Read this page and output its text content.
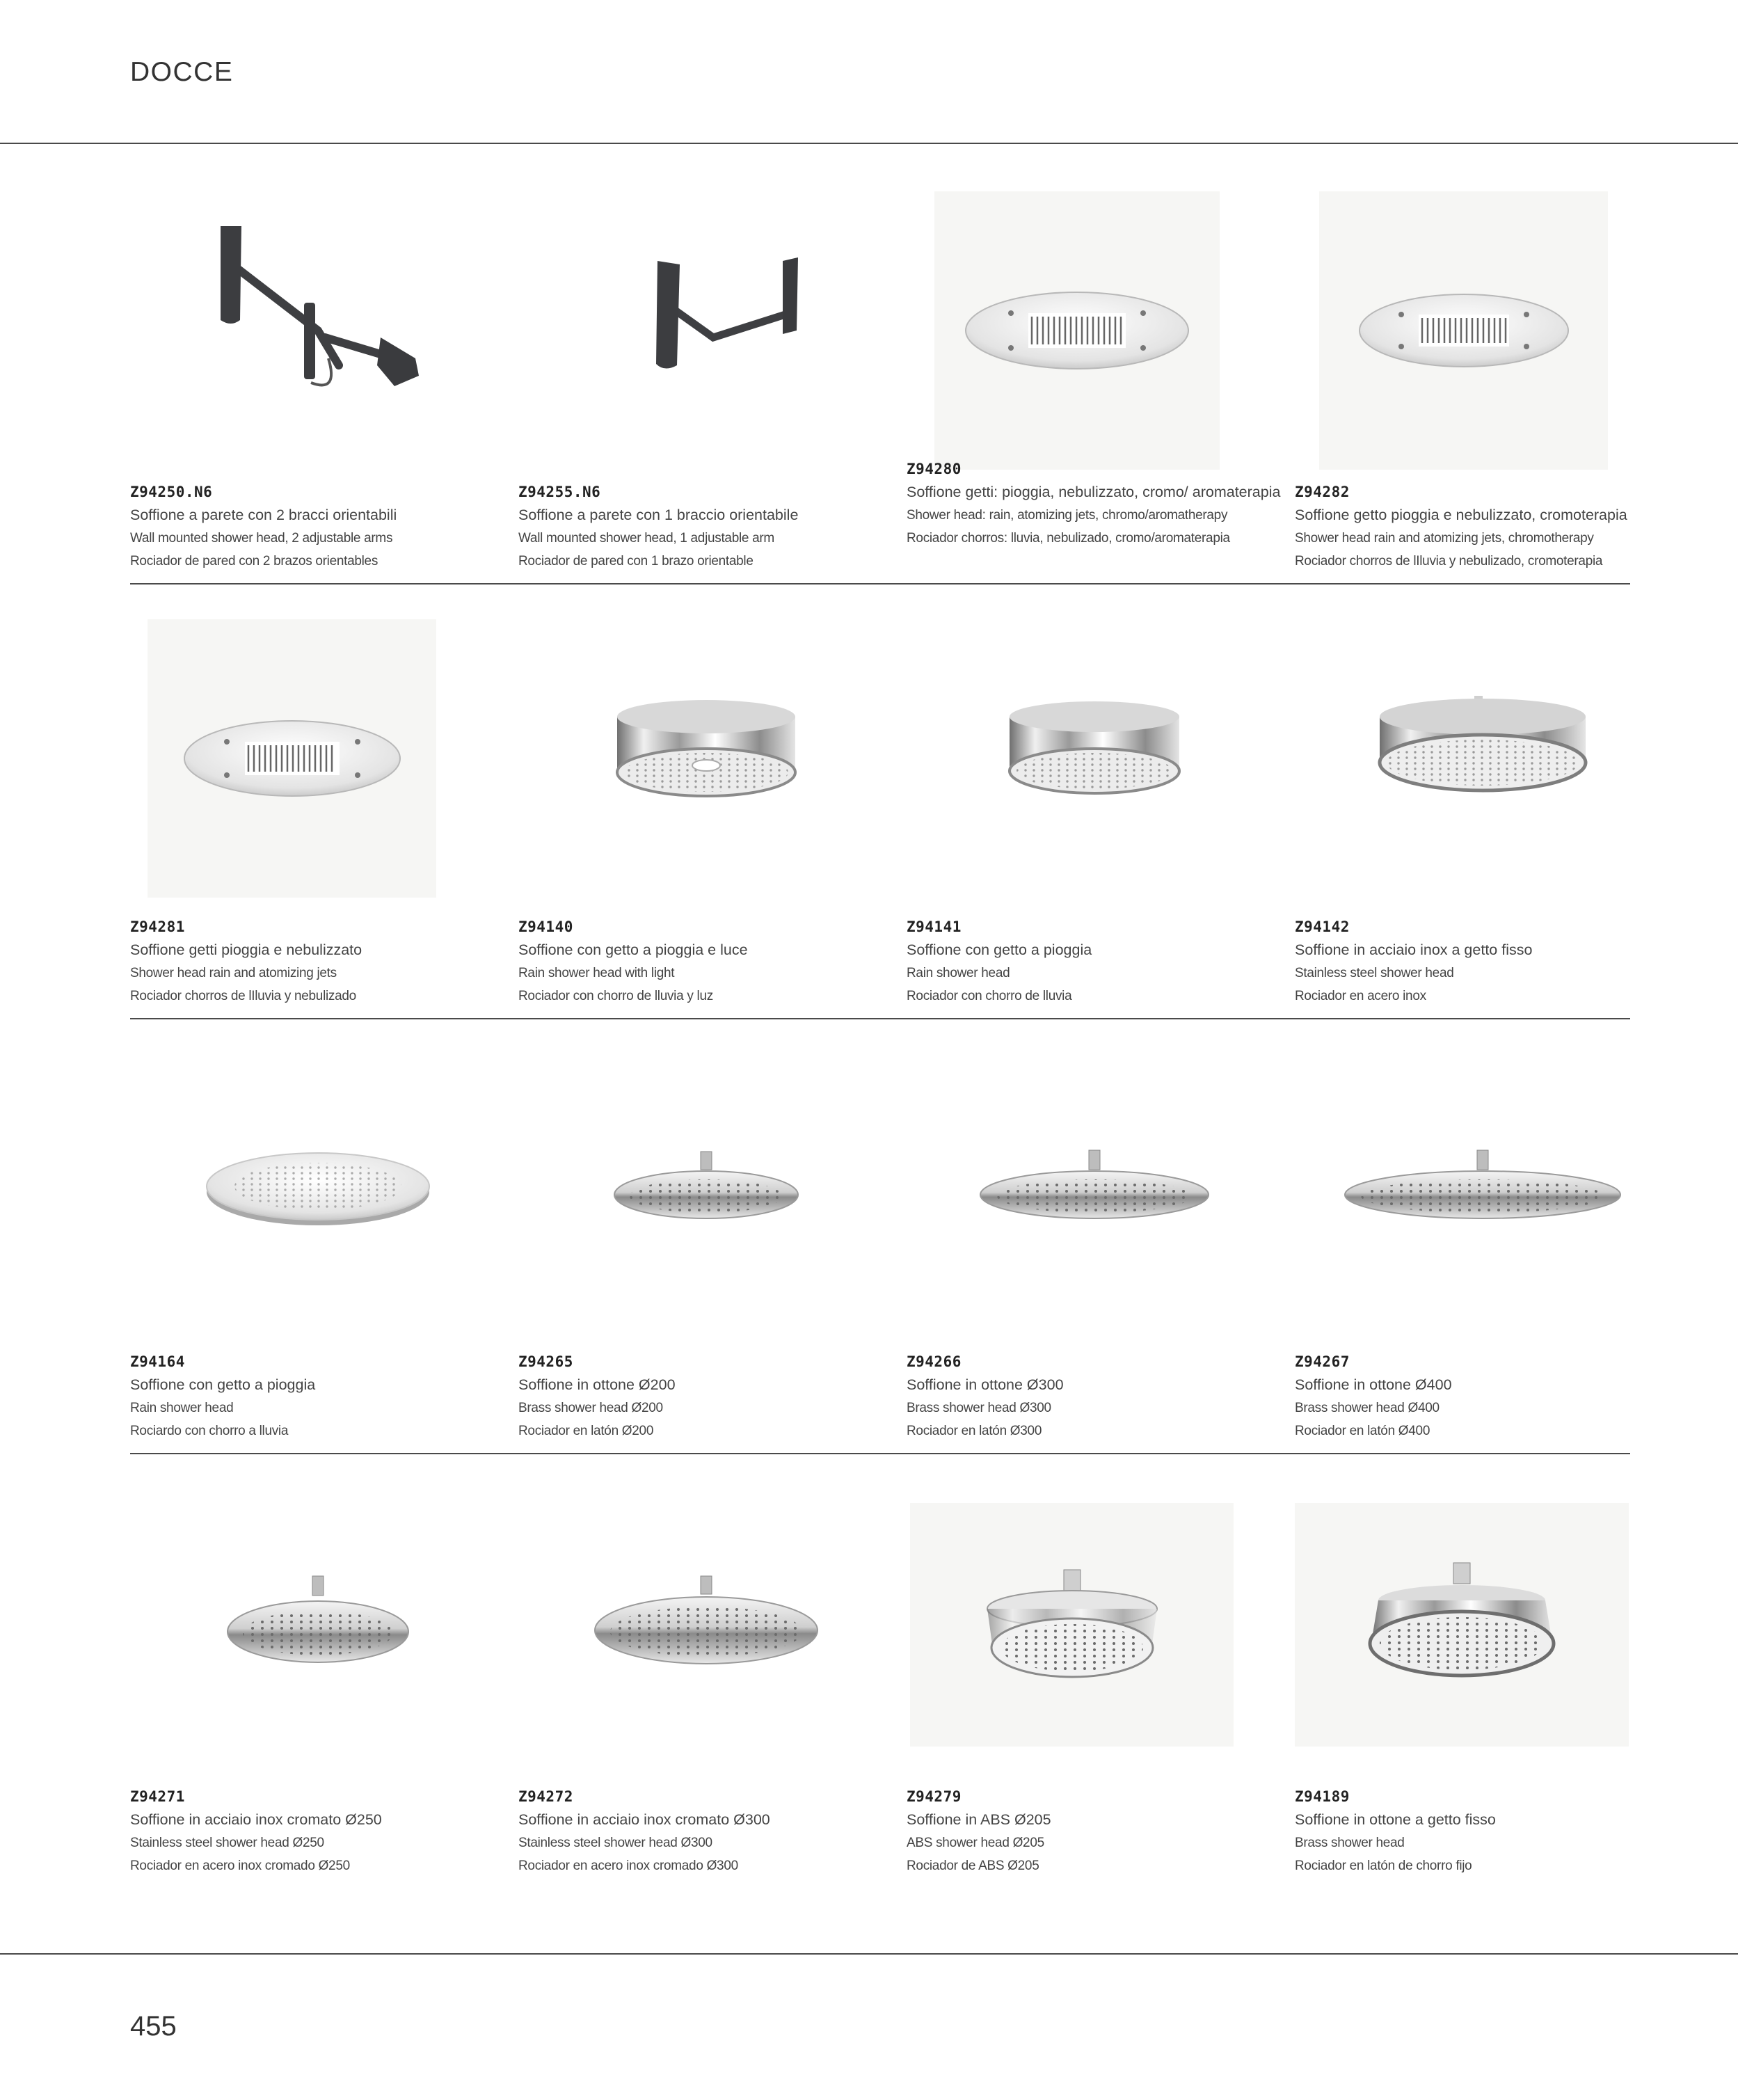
DOCCE
Z94250.N6
Soffione a parete con 2 bracci orientabili
Wall mounted shower head, 2 adjustable arms
Rociador de pared con 2 brazos orientables
Z94255.N6
Soffione a parete con 1 braccio orientabile
Wall mounted shower head, 1 adjustable arm
Rociador de pared con 1 brazo orientable
Z94280
Soffione getti: pioggia, nebulizzato, cromo/ aromaterapia
Shower head: rain, atomizing jets, chromo/aromatherapy
Rociador chorros: lluvia, nebulizado, cromo/aromaterapia
Z94282
Soffione getto pioggia e nebulizzato, cromoterapia
Shower head rain and atomizing jets, chromotherapy
Rociador chorros de lIluvia y nebulizado, cromoterapia
Z94281
Soffione getti pioggia e nebulizzato
Shower head rain and atomizing jets
Rociador chorros de lIluvia y nebulizado
Z94140
Soffione con getto a pioggia e luce
Rain shower head with light
Rociador con chorro de lluvia y luz
Z94141
Soffione con getto a pioggia
Rain shower head
Rociador con chorro de lluvia
Z94142
Soffione in acciaio inox a getto fisso
Stainless steel shower head
Rociador en acero inox
Z94164
Soffione con getto a pioggia
Rain shower head
Rociardo con chorro a lluvia
Z94265
Soffione in ottone Ø200
Brass shower head Ø200
Rociador en latón Ø200
Z94266
Soffione in ottone Ø300
Brass shower head Ø300
Rociador en latón Ø300
Z94267
Soffione in ottone Ø400
Brass shower head Ø400
Rociador en latón Ø400
Z94271
Soffione in acciaio inox cromato Ø250
Stainless steel shower head Ø250
Rociador en acero inox cromado Ø250
Z94272
Soffione in acciaio inox cromato Ø300
Stainless steel shower head Ø300
Rociador en acero inox cromado Ø300
Z94279
Soffione in ABS Ø205
ABS shower head Ø205
Rociador de ABS Ø205
Z94189
Soffione in ottone a getto fisso
Brass shower head
Rociador en latón de chorro fijo
455
